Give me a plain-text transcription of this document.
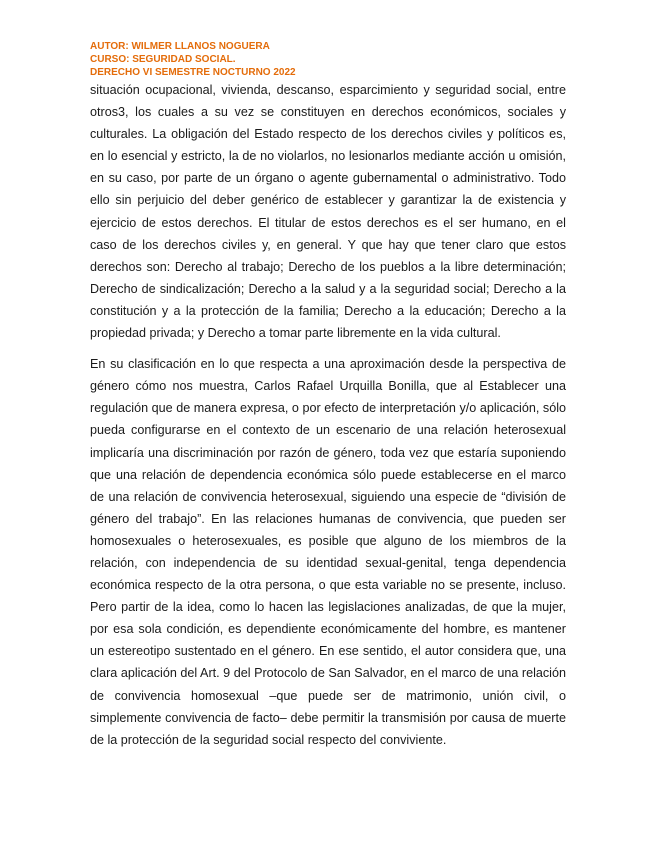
AUTOR: WILMER LLANOS NOGUERA
CURSO: SEGURIDAD SOCIAL.
DERECHO VI SEMESTRE NOCTURNO 2022

situación ocupacional, vivienda, descanso, esparcimiento y seguridad social, entre otros3, los cuales a su vez se constituyen en derechos económicos, sociales y culturales. La obligación del Estado respecto de los derechos civiles y políticos es, en lo esencial y estricto, la de no violarlos, no lesionarlos mediante acción u omisión, en su caso, por parte de un órgano o agente gubernamental o administrativo. Todo ello sin perjuicio del deber genérico de establecer y garantizar la de existencia y ejercicio de estos derechos. El titular de estos derechos es el ser humano, en el caso de los derechos civiles y, en general. Y que hay que tener claro que estos derechos son: Derecho al trabajo; Derecho de los pueblos a la libre determinación; Derecho de sindicalización; Derecho a la salud y a la seguridad social; Derecho a la constitución y a la protección de la familia; Derecho a la educación; Derecho a la propiedad privada; y Derecho a tomar parte libremente en la vida cultural.

En su clasificación en lo que respecta a una aproximación desde la perspectiva de género cómo nos muestra, Carlos Rafael Urquilla Bonilla, que al Establecer una regulación que de manera expresa, o por efecto de interpretación y/o aplicación, sólo pueda configurarse en el contexto de un escenario de una relación heterosexual implicaría una discriminación por razón de género, toda vez que estaría suponiendo que una relación de dependencia económica sólo puede establecerse en el marco de una relación de convivencia heterosexual, siguiendo una especie de “división de género del trabajo”. En las relaciones humanas de convivencia, que pueden ser homosexuales o heterosexuales, es posible que alguno de los miembros de la relación, con independencia de su identidad sexual-genital, tenga dependencia económica respecto de la otra persona, o que esta variable no se presente, incluso. Pero partir de la idea, como lo hacen las legislaciones analizadas, de que la mujer, por esa sola condición, es dependiente económicamente del hombre, es mantener un estereotipo sustentado en el género. En ese sentido, el autor considera que, una clara aplicación del Art. 9 del Protocolo de San Salvador, en el marco de una relación de convivencia homosexual –que puede ser de matrimonio, unión civil, o simplemente convivencia de facto– debe permitir la transmisión por causa de muerte de la protección de la seguridad social respecto del conviviente.
